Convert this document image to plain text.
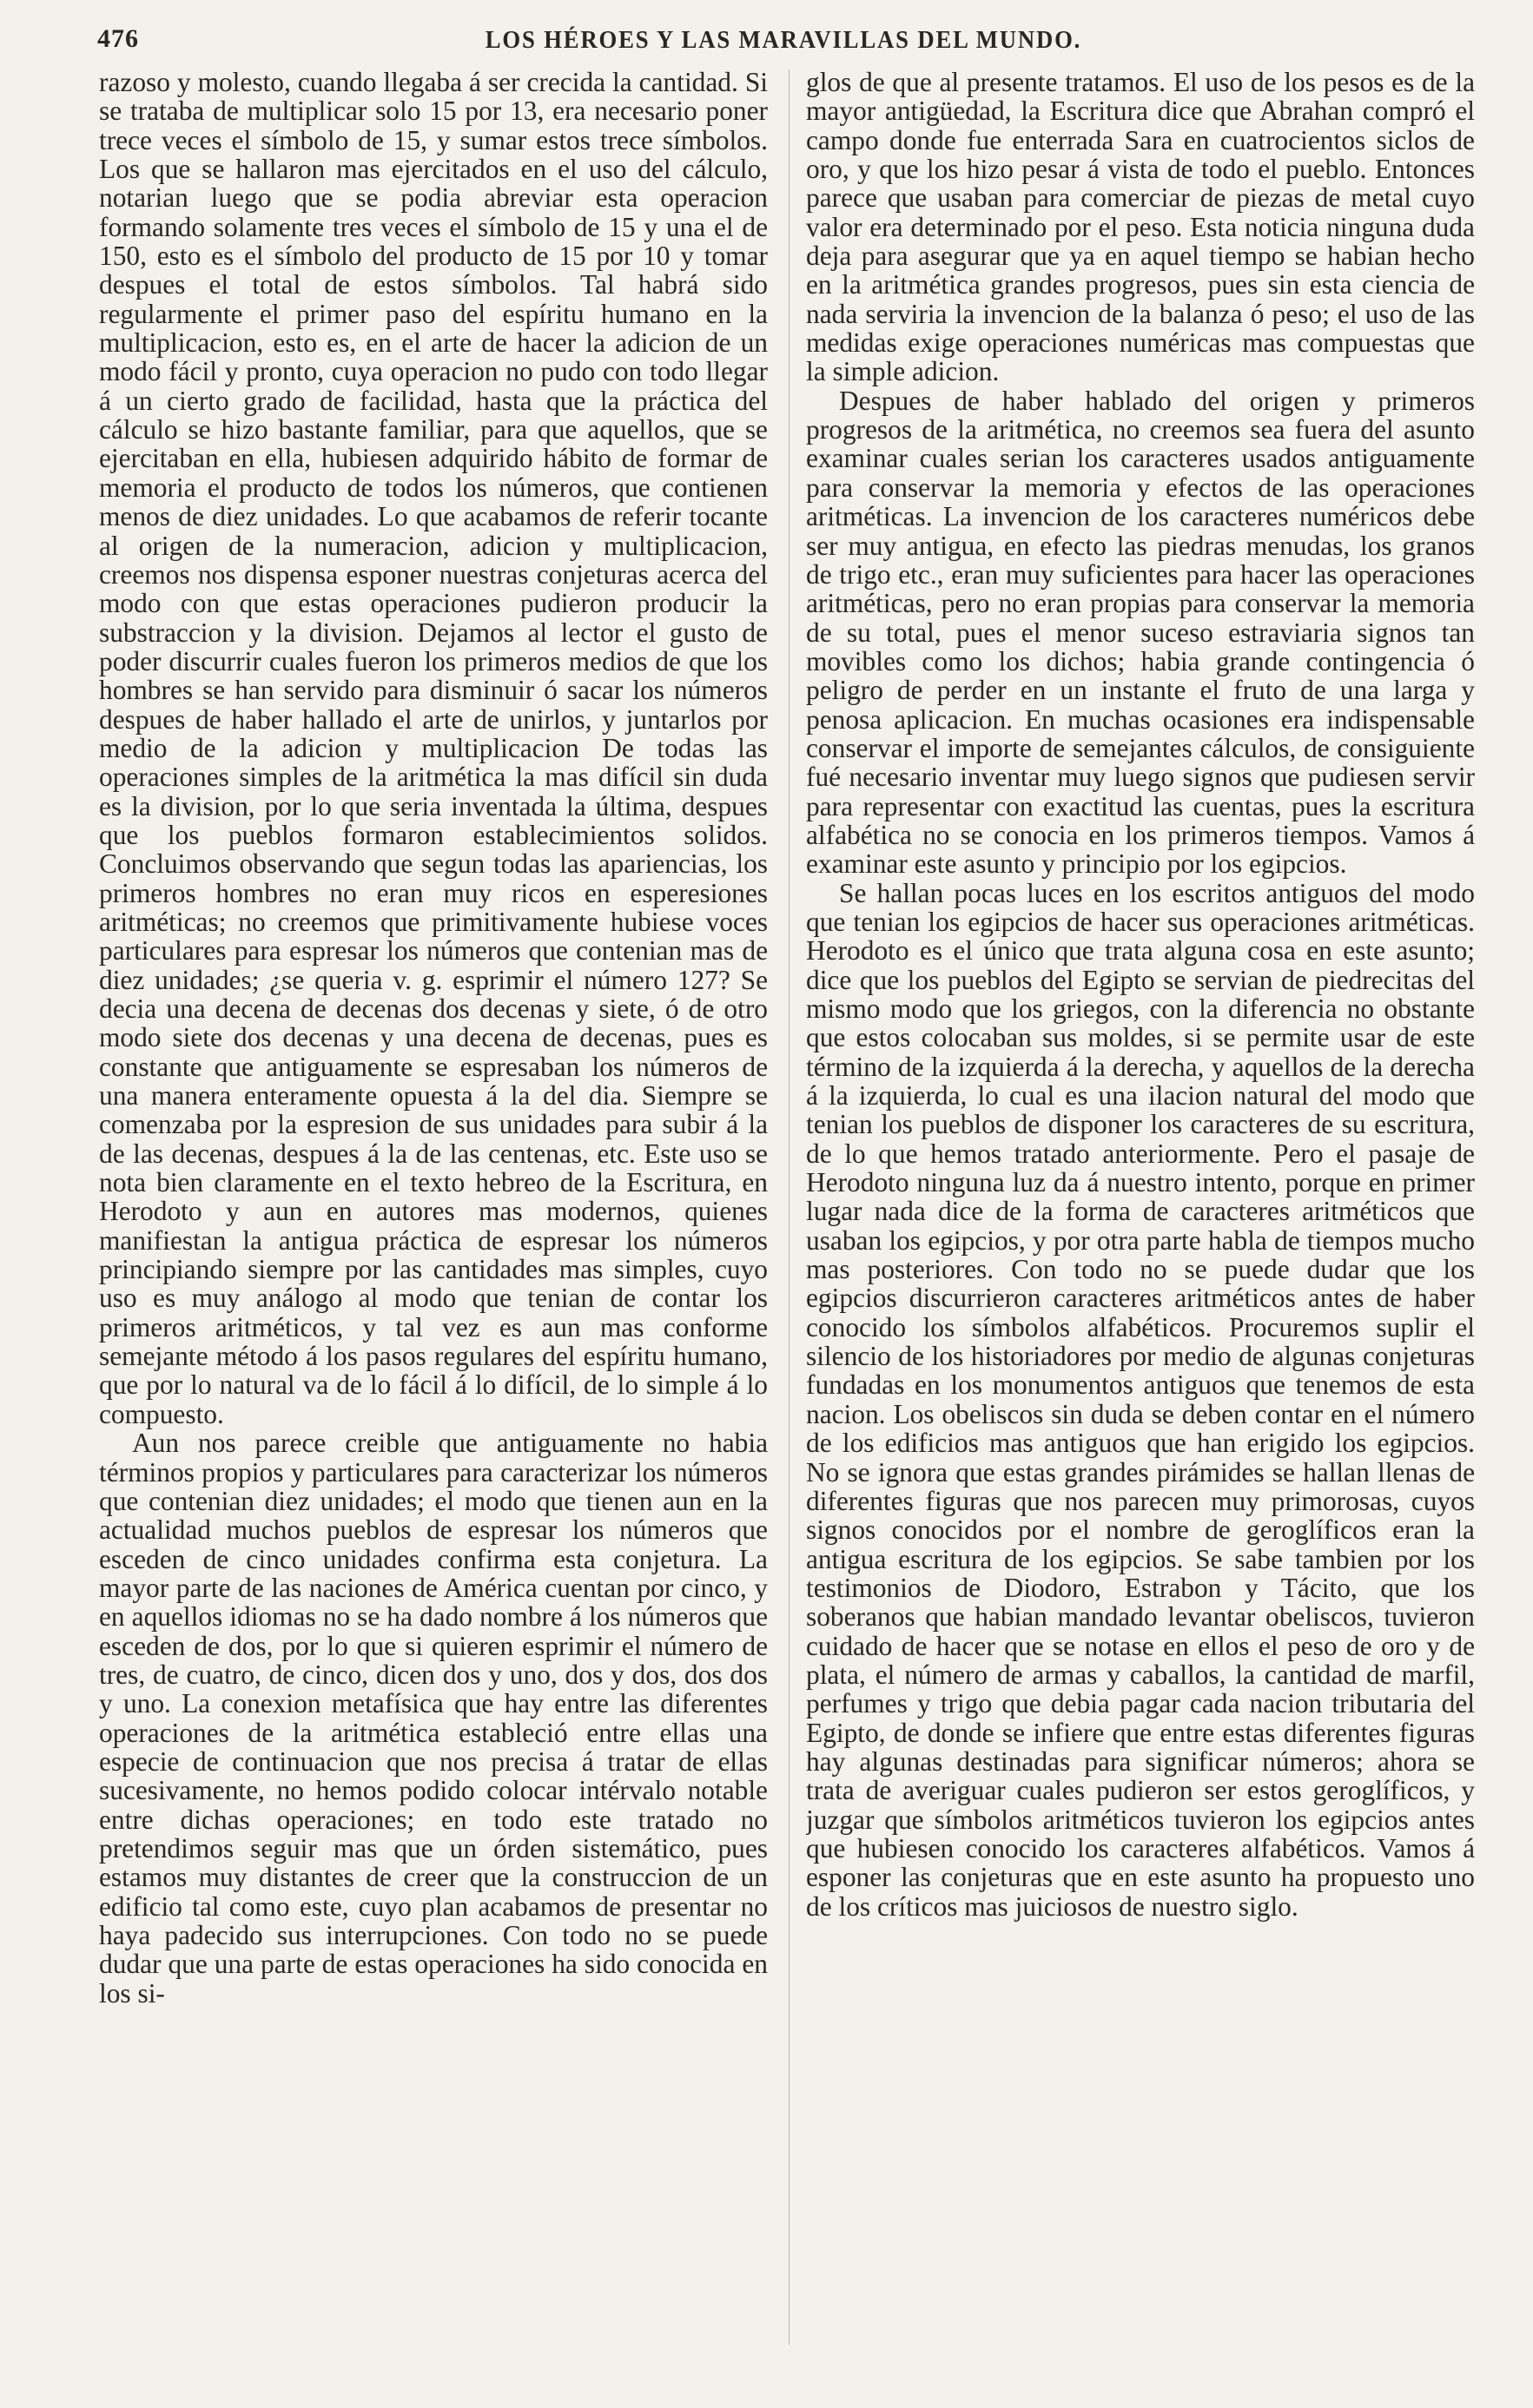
476	LOS HÉROES Y LAS MARAVILLAS DEL MUNDO.

razoso y molesto, cuando llegaba á ser crecida la cantidad. Si se trataba de multiplicar solo 15 por 13, era necesario poner trece veces el símbolo de 15, y sumar estos trece símbolos. Los que se hallaron mas ejercitados en el uso del cálculo, notarian luego que se podia abreviar esta operacion formando solamente tres veces el símbolo de 15 y una el de 150, esto es el símbolo del producto de 15 por 10 y tomar despues el total de estos símbolos. Tal habrá sido regularmente el primer paso del espíritu humano en la multiplicacion, esto es, en el arte de hacer la adicion de un modo fácil y pronto, cuya operacion no pudo con todo llegar á un cierto grado de facilidad, hasta que la práctica del cálculo se hizo bastante familiar, para que aquellos, que se ejercitaban en ella, hubiesen adquirido hábito de formar de memoria el producto de todos los números, que contienen menos de diez unidades. Lo que acabamos de referir tocante al origen de la numeracion, adicion y multiplicacion, creemos nos dispensa esponer nuestras conjeturas acerca del modo con que estas operaciones pudieron producir la substraccion y la division. Dejamos al lector el gusto de poder discurrir cuales fueron los primeros medios de que los hombres se han servido para disminuir ó sacar los números despues de haber hallado el arte de unirlos, y juntarlos por medio de la adicion y multiplicacion De todas las operaciones simples de la aritmética la mas difícil sin duda es la division, por lo que seria inventada la última, despues que los pueblos formaron establecimientos solidos. Concluimos observando que segun todas las apariencias, los primeros hombres no eran muy ricos en esperesiones aritméticas; no creemos que primitivamente hubiese voces particulares para espresar los números que contenian mas de diez unidades; ¿se queria v. g. esprimir el número 127? Se decia una decena de decenas dos decenas y siete, ó de otro modo siete dos decenas y una decena de decenas, pues es constante que antiguamente se espresaban los números de una manera enteramente opuesta á la del dia. Siempre se comenzaba por la espresion de sus unidades para subir á la de las decenas, despues á la de las centenas, etc. Este uso se nota bien claramente en el texto hebreo de la Escritura, en Herodoto y aun en autores mas modernos, quienes manifiestan la antigua práctica de espresar los números principiando siempre por las cantidades mas simples, cuyo uso es muy análogo al modo que tenian de contar los primeros aritméticos, y tal vez es aun mas conforme semejante método á los pasos regulares del espíritu humano, que por lo natural va de lo fácil á lo difícil, de lo simple á lo compuesto.

Aun nos parece creible que antiguamente no habia términos propios y particulares para caracterizar los números que contenian diez unidades; el modo que tienen aun en la actualidad muchos pueblos de espresar los números que esceden de cinco unidades confirma esta conjetura. La mayor parte de las naciones de América cuentan por cinco, y en aquellos idiomas no se ha dado nombre á los números que esceden de dos, por lo que si quieren esprimir el número de tres, de cuatro, de cinco, dicen dos y uno, dos y dos, dos dos y uno. La conexion metafísica que hay entre las diferentes operaciones de la aritmética estableció entre ellas una especie de continuacion que nos precisa á tratar de ellas sucesivamente, no hemos podido colocar intérvalo notable entre dichas operaciones; en todo este tratado no pretendimos seguir mas que un órden sistemático, pues estamos muy distantes de creer que la construccion de un edificio tal como este, cuyo plan acabamos de presentar no haya padecido sus interrupciones. Con todo no se puede dudar que una parte de estas operaciones ha sido conocida en los si-

glos de que al presente tratamos. El uso de los pesos es de la mayor antigüedad, la Escritura dice que Abrahan compró el campo donde fue enterrada Sara en cuatrocientos siclos de oro, y que los hizo pesar á vista de todo el pueblo. Entonces parece que usaban para comerciar de piezas de metal cuyo valor era determinado por el peso. Esta noticia ninguna duda deja para asegurar que ya en aquel tiempo se habian hecho en la aritmética grandes progresos, pues sin esta ciencia de nada serviria la invencion de la balanza ó peso; el uso de las medidas exige operaciones numéricas mas compuestas que la simple adicion.

Despues de haber hablado del origen y primeros progresos de la aritmética, no creemos sea fuera del asunto examinar cuales serian los caracteres usados antiguamente para conservar la memoria y efectos de las operaciones aritméticas. La invencion de los caracteres numéricos debe ser muy antigua, en efecto las piedras menudas, los granos de trigo etc., eran muy suficientes para hacer las operaciones aritméticas, pero no eran propias para conservar la memoria de su total, pues el menor suceso estraviaria signos tan movibles como los dichos; habia grande contingencia ó peligro de perder en un instante el fruto de una larga y penosa aplicacion. En muchas ocasiones era indispensable conservar el importe de semejantes cálculos, de consiguiente fué necesario inventar muy luego signos que pudiesen servir para representar con exactitud las cuentas, pues la escritura alfabética no se conocia en los primeros tiempos. Vamos á examinar este asunto y principio por los egipcios.

Se hallan pocas luces en los escritos antiguos del modo que tenian los egipcios de hacer sus operaciones aritméticas. Herodoto es el único que trata alguna cosa en este asunto; dice que los pueblos del Egipto se servian de piedrecitas del mismo modo que los griegos, con la diferencia no obstante que estos colocaban sus moldes, si se permite usar de este término de la izquierda á la derecha, y aquellos de la derecha á la izquierda, lo cual es una ilacion natural del modo que tenian los pueblos de disponer los caracteres de su escritura, de lo que hemos tratado anteriormente. Pero el pasaje de Herodoto ninguna luz da á nuestro intento, porque en primer lugar nada dice de la forma de caracteres aritméticos que usaban los egipcios, y por otra parte habla de tiempos mucho mas posteriores. Con todo no se puede dudar que los egipcios discurrieron caracteres aritméticos antes de haber conocido los símbolos alfabéticos. Procuremos suplir el silencio de los historiadores por medio de algunas conjeturas fundadas en los monumentos antiguos que tenemos de esta nacion. Los obeliscos sin duda se deben contar en el número de los edificios mas antiguos que han erigido los egipcios. No se ignora que estas grandes pirámides se hallan llenas de diferentes figuras que nos parecen muy primorosas, cuyos signos conocidos por el nombre de geroglíficos eran la antigua escritura de los egipcios. Se sabe tambien por los testimonios de Diodoro, Estrabon y Tácito, que los soberanos que habian mandado levantar obeliscos, tuvieron cuidado de hacer que se notase en ellos el peso de oro y de plata, el número de armas y caballos, la cantidad de marfil, perfumes y trigo que debia pagar cada nacion tributaria del Egipto, de donde se infiere que entre estas diferentes figuras hay algunas destinadas para significar números; ahora se trata de averiguar cuales pudieron ser estos geroglíficos, y juzgar que símbolos aritméticos tuvieron los egipcios antes que hubiesen conocido los caracteres alfabéticos. Vamos á esponer las conjeturas que en este asunto ha propuesto uno de los críticos mas juiciosos de nuestro siglo.
